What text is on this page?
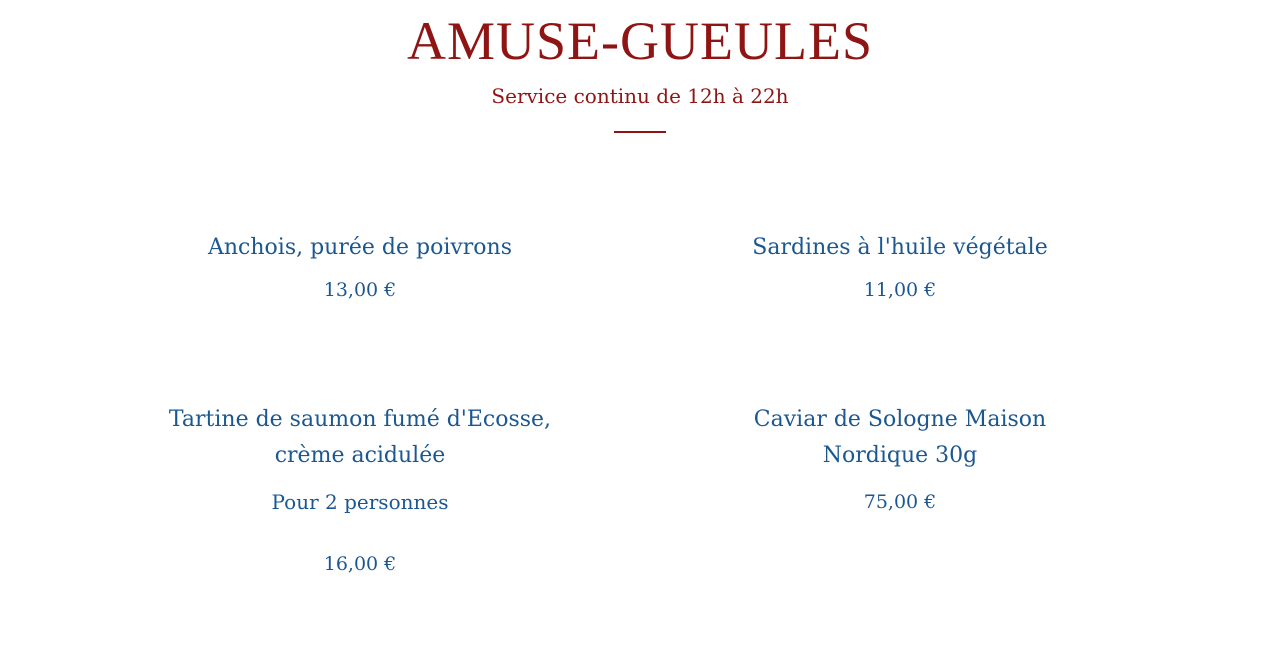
AMUSE-GUEULES
Service continu de 12h à 22h
Anchois, purée de poivrons
13,00 €
Sardines à l'huile végétale
11,00 €
Tartine de saumon fumé d'Ecosse,
crème acidulée
Pour 2 personnes
16,00 €
Caviar de Sologne Maison
Nordique 30g
75,00 €
